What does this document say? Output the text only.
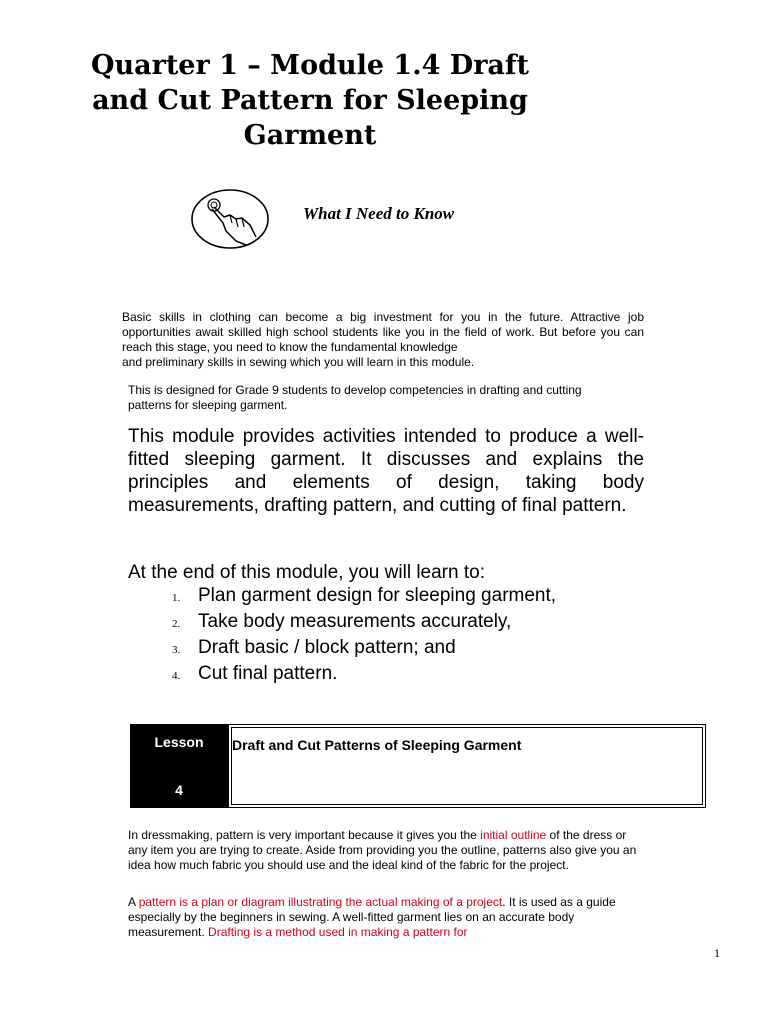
Quarter 1 – Module 1.4 Draft
and Cut Pattern for Sleeping
Garment
What I Need to Know
Basic skills in clothing can become a big investment for you in the future. Attractive job opportunities await skilled high school students like you in the field of work. But before you can reach this stage, you need to know the fundamental knowledge
and preliminary skills in sewing which you will learn in this module.
This is designed for Grade 9 students to develop competencies in drafting and cutting patterns for sleeping garment.
This module provides activities intended to produce a well-fitted sleeping garment. It discusses and explains the principles and elements of design, taking body measurements, drafting pattern, and cutting of final pattern.
At the end of this module, you will learn to:
1. Plan garment design for sleeping garment,
2. Take body measurements accurately,
3. Draft basic / block pattern; and
4. Cut final pattern.
Lesson
4
Draft and Cut Patterns of Sleeping Garment
In dressmaking, pattern is very important because it gives you the initial outline of the dress or any item you are trying to create. Aside from providing you the outline, patterns also give you an idea how much fabric you should use and the ideal kind of the fabric for the project.
A pattern is a plan or diagram illustrating the actual making of a project. It is used as a guide especially by the beginners in sewing. A well-fitted garment lies on an accurate body measurement. Drafting is a method used in making a pattern for
1
